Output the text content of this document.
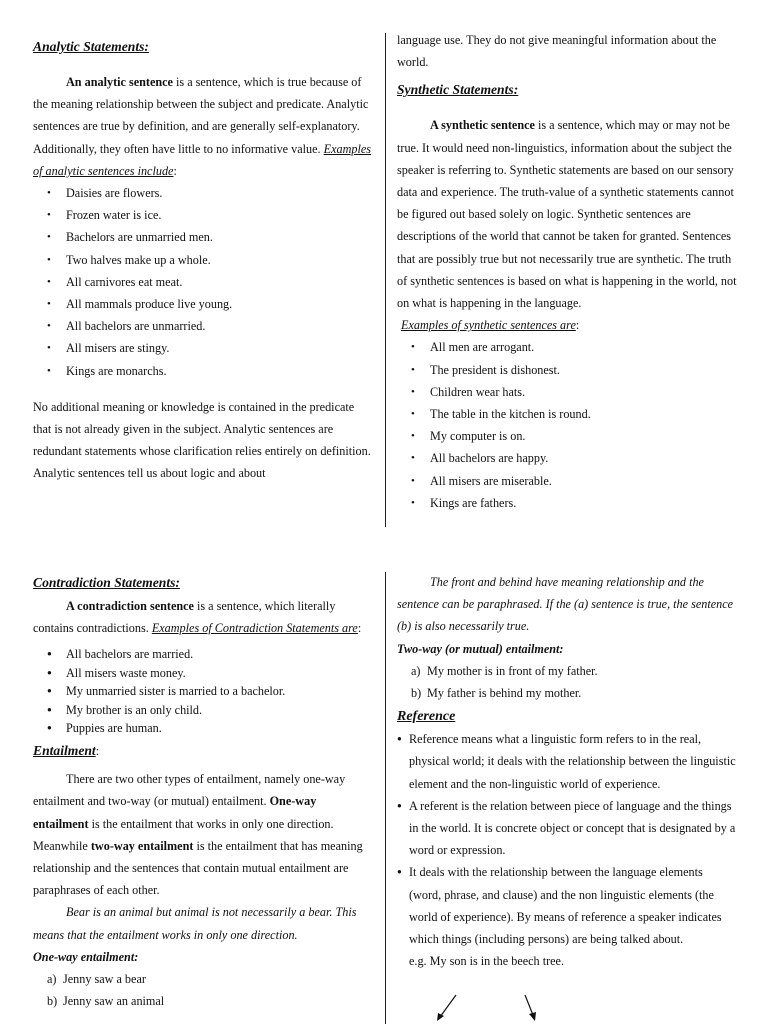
Analytic Statements:

An analytic sentence is a sentence, which is true because of the meaning relationship between the subject and predicate. Analytic sentences are true by definition, and are generally self-explanatory. Additionally, they often have little to no informative value. Examples of analytic sentences include:

• Daisies are flowers.
• Frozen water is ice.
• Bachelors are unmarried men.
• Two halves make up a whole.
• All carnivores eat meat.
• All mammals produce live young.
• All bachelors are unmarried.
• All misers are stingy.
• Kings are monarchs.

No additional meaning or knowledge is contained in the predicate that is not already given in the subject. Analytic sentences are redundant statements whose clarification relies entirely on definition. Analytic sentences tell us about logic and about

language use. They do not give meaningful information about the world.

Synthetic Statements:

A synthetic sentence is a sentence, which may or may not be true. It would need non-linguistics, information about the subject the speaker is referring to. Synthetic statements are based on our sensory data and experience. The truth-value of a synthetic statements cannot be figured out based solely on logic. Synthetic sentences are descriptions of the world that cannot be taken for granted. Sentences that are possibly true but not necessarily true are synthetic. The truth of synthetic sentences is based on what is happening in the world, not on what is happening in the language.

Examples of synthetic sentences are:

• All men are arrogant.
• The president is dishonest.
• Children wear hats.
• The table in the kitchen is round.
• My computer is on.
• All bachelors are happy.
• All misers are miserable.
• Kings are fathers.

Contradiction Statements:

A contradiction sentence is a sentence, which literally contains contradictions. Examples of Contradiction Statements are:

● All bachelors are married.
● All misers waste money.
● My unmarried sister is married to a bachelor.
● My brother is an only child.
● Puppies are human.

Entailment:

There are two other types of entailment, namely one-way entailment and two-way (or mutual) entailment. One-way entailment is the entailment that works in only one direction. Meanwhile two-way entailment is the entailment that has meaning relationship and the sentences that contain mutual entailment are paraphrases of each other.

Bear is an animal but animal is not necessarily a bear. This means that the entailment works in only one direction.

One-way entailment:

a) Jenny saw a bear
b) Jenny saw an animal

The front and behind have meaning relationship and the sentence can be paraphrased. If the (a) sentence is true, the sentence (b) is also necessarily true.

Two-way (or mutual) entailment:

a) My mother is in front of my father.
b) My father is behind my mother.

Reference

● Reference means what a linguistic form refers to in the real, physical world; it deals with the relationship between the linguistic element and the non-linguistic world of experience.
● A referent is the relation between piece of language and the things in the world. It is concrete object or concept that is designated by a word or expression.
● It deals with the relationship between the language elements (word, phrase, and clause) and the non linguistic elements (the world of experience). By means of reference a speaker indicates which things (including persons) are being talked about.

e.g. My son is in the beech tree.
